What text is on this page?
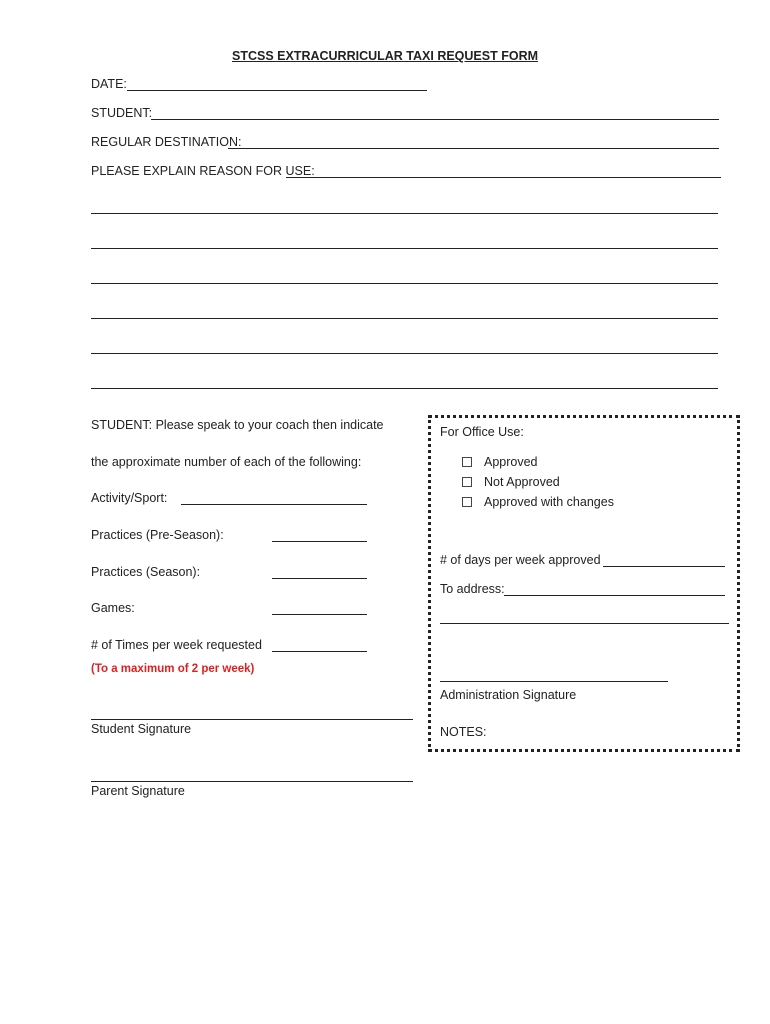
STCSS EXTRACURRICULAR TAXI REQUEST FORM
DATE:
STUDENT:
REGULAR DESTINATION:
PLEASE EXPLAIN REASON FOR USE:
STUDENT: Please speak to your coach then indicate
the approximate number of each of the following:
Activity/Sport:
Practices (Pre-Season):
Practices (Season):
Games:
# of Times per week requested
(To a maximum of 2 per week)
Student Signature
Parent Signature
For Office Use:
Approved
Not Approved
Approved with changes
# of days per week approved
To address:
Administration Signature
NOTES:
